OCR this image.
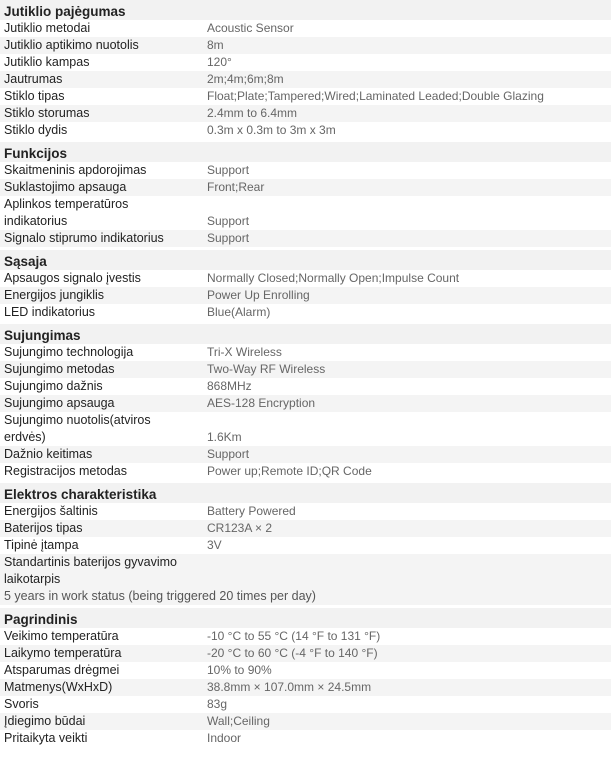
Jutiklio pajėgumas
Jutiklio metodai	Acoustic Sensor
Jutiklio aptikimo nuotolis	8m
Jutiklio kampas	120°
Jautrumas	2m;4m;6m;8m
Stiklo tipas	Float;Plate;Tampered;Wired;Laminated Leaded;Double Glazing
Stiklo storumas	2.4mm to 6.4mm
Stiklo dydis	0.3m x 0.3m to 3m x 3m
Funkcijos
Skaitmeninis apdorojimas	Support
Suklastojimo apsauga	Front;Rear
Aplinkos temperatūros indikatorius	Support
Signalo stiprumo indikatorius	Support
Sąsaja
Apsaugos signalo įvestis	Normally Closed;Normally Open;Impulse Count
Energijos jungiklis	Power Up Enrolling
LED indikatorius	Blue(Alarm)
Sujungimas
Sujungimo technologija	Tri-X Wireless
Sujungimo metodas	Two-Way RF Wireless
Sujungimo dažnis	868MHz
Sujungimo apsauga	AES-128 Encryption
Sujungimo nuotolis(atviros erdvės)	1.6Km
Dažnio keitimas	Support
Registracijos metodas	Power up;Remote ID;QR Code
Elektros charakteristika
Energijos šaltinis	Battery Powered
Baterijos tipas	CR123A × 2
Tipinė įtampa	3V
Standartinis baterijos gyvavimo laikotarpis
5 years in work status (being triggered 20 times per day)
Pagrindinis
Veikimo temperatūra	-10 °C to 55 °C (14 °F to 131 °F)
Laikymo temperatūra	-20 °C to 60 °C (-4 °F to 140 °F)
Atsparumas drėgmei	10% to 90%
Matmenys(WxHxD)	38.8mm × 107.0mm × 24.5mm
Svoris	83g
Įdiegimo būdai	Wall;Ceiling
Pritaikyta veikti	Indoor
